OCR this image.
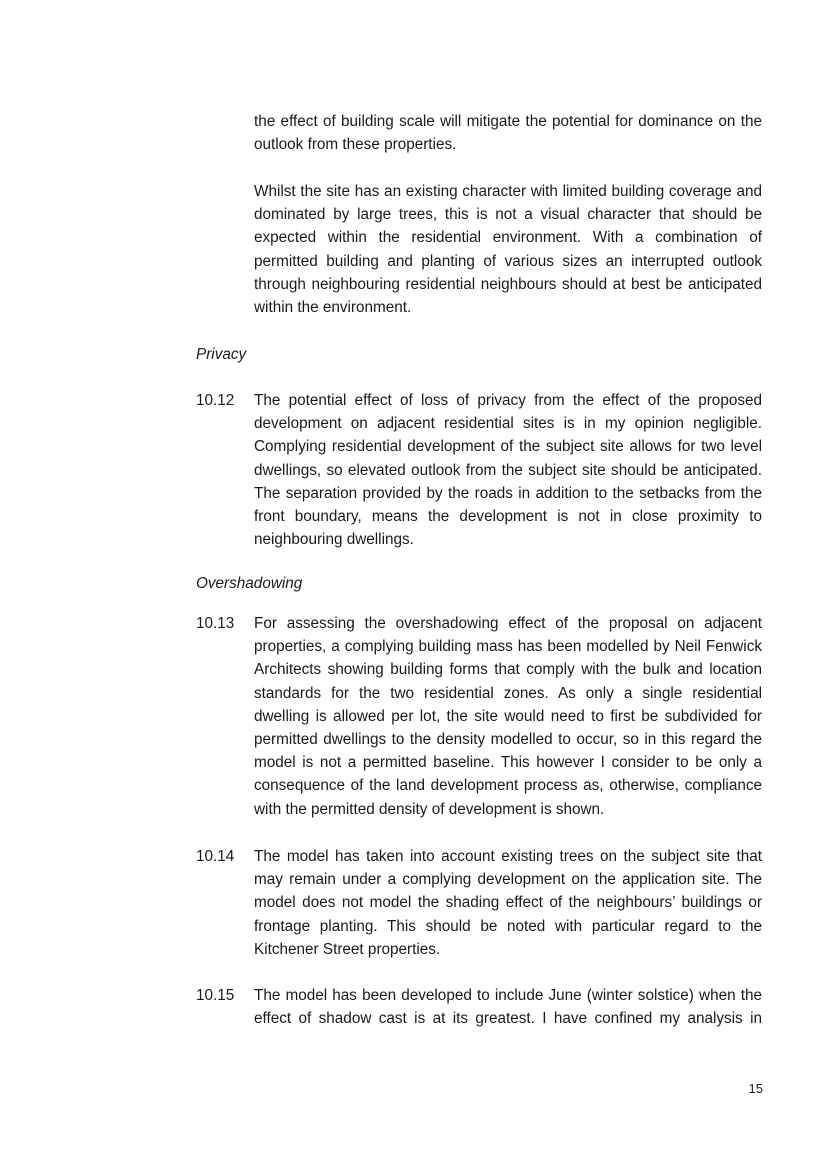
the effect of building scale will mitigate the potential for dominance on the outlook from these properties.

Whilst the site has an existing character with limited building coverage and dominated by large trees, this is not a visual character that should be expected within the residential environment. With a combination of permitted building and planting of various sizes an interrupted outlook through neighbouring residential neighbours should at best be anticipated within the environment.

Privacy
10.12	The potential effect of loss of privacy from the effect of the proposed development on adjacent residential sites is in my opinion negligible. Complying residential development of the subject site allows for two level dwellings, so elevated outlook from the subject site should be anticipated. The separation provided by the roads in addition to the setbacks from the front boundary, means the development is not in close proximity to neighbouring dwellings.

Overshadowing
10.13	For assessing the overshadowing effect of the proposal on adjacent properties, a complying building mass has been modelled by Neil Fenwick Architects showing building forms that comply with the bulk and location standards for the two residential zones. As only a single residential dwelling is allowed per lot, the site would need to first be subdivided for permitted dwellings to the density modelled to occur, so in this regard the model is not a permitted baseline. This however I consider to be only a consequence of the land development process as, otherwise, compliance with the permitted density of development is shown.

10.14	The model has taken into account existing trees on the subject site that may remain under a complying development on the application site. The model does not model the shading effect of the neighbours’ buildings or frontage planting. This should be noted with particular regard to the Kitchener Street properties.

10.15	The model has been developed to include June (winter solstice) when the effect of shadow cast is at its greatest. I have confined my analysis in

15
